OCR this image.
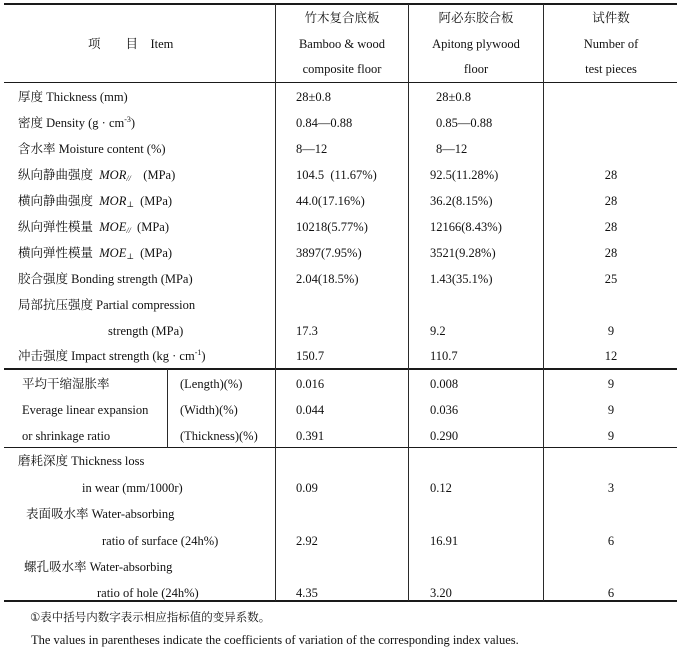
项　　目　Item
竹木复合底板
Bamboo & wood
composite floor
阿必东胶合板
Apitong plywood
floor
试件数
Number of
test pieces
厚度 Thickness (mm)	28±0.8	28±0.8
密度 Density $(g \cdot cm^{-3})$	0.84—0.88	0.85—0.88
含水率 Moisture content (%)	8—12	8—12
纵向静曲强度 $MOR_{//}$ (MPa)	104.5  (11.67%)	92.5(11.28%)	28
横向静曲强度 $MOR_\perp$ (MPa)	44.0(17.16%)	36.2(8.15%)	28
纵向弹性模量 $MOE_{//}$ (MPa)	10218(5.77%)	12166(8.43%)	28
横向弹性模量 $MOE_\perp$ (MPa)	3897(7.95%)	3521(9.28%)	28
胶合强度 Bonding strength (MPa)	2.04(18.5%)	1.43(35.1%)	25
局部抗压强度 Partial compression
strength (MPa)	17.3	9.2	9
冲击强度 Impact strength $(kg \cdot cm^{-1})$	150.7	110.7	12
平均干缩湿胀率
Everage linear expansion
or shrinkage ratio
(Length)(%)	0.016	0.008	9
(Width)(%)	0.044	0.036	9
(Thickness)(%)	0.391	0.290	9
磨耗深度 Thickness loss
in wear (mm/1000r)	0.09	0.12	3
表面吸水率 Water-absorbing
ratio of surface (24h%)	2.92	16.91	6
螺孔吸水率 Water-absorbing
ratio of hole (24h%)	4.35	3.20	6
①表中括号内数字表示相应指标值的变异系数。
The values in parentheses indicate the coefficients of variation of the corresponding index values.
